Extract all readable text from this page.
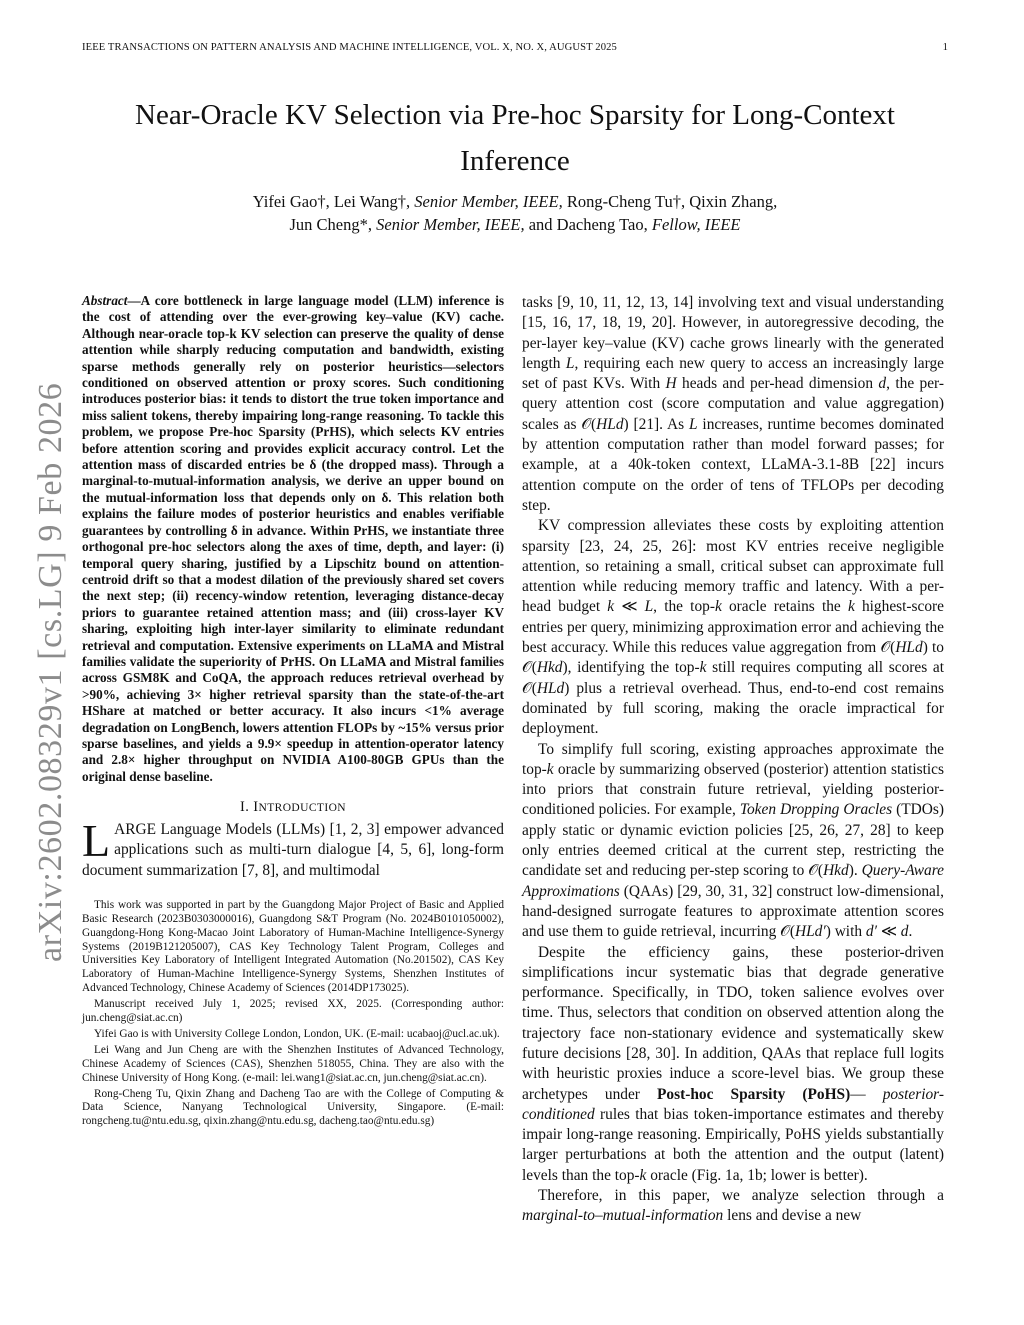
IEEE TRANSACTIONS ON PATTERN ANALYSIS AND MACHINE INTELLIGENCE, VOL. X, NO. X, AUGUST 2025	1
Near-Oracle KV Selection via Pre-hoc Sparsity for Long-Context Inference
Yifei Gao†, Lei Wang†, Senior Member, IEEE, Rong-Cheng Tu†, Qixin Zhang,
Jun Cheng*, Senior Member, IEEE, and Dacheng Tao, Fellow, IEEE
arXiv:2602.08329v1 [cs.LG] 9 Feb 2026
Abstract—A core bottleneck in large language model (LLM) inference is the cost of attending over the ever-growing key–value (KV) cache. Although near-oracle top-k KV selection can preserve the quality of dense attention while sharply reducing computation and bandwidth, existing sparse methods generally rely on posterior heuristics—selectors conditioned on observed attention or proxy scores. Such conditioning introduces posterior bias: it tends to distort the true token importance and miss salient tokens, thereby impairing long-range reasoning. To tackle this problem, we propose Pre-hoc Sparsity (PrHS), which selects KV entries before attention scoring and provides explicit accuracy control. Let the attention mass of discarded entries be δ (the dropped mass). Through a marginal-to-mutual-information analysis, we derive an upper bound on the mutual-information loss that depends only on δ. This relation both explains the failure modes of posterior heuristics and enables verifiable guarantees by controlling δ in advance. Within PrHS, we instantiate three orthogonal pre-hoc selectors along the axes of time, depth, and layer: (i) temporal query sharing, justified by a Lipschitz bound on attention-centroid drift so that a modest dilation of the previously shared set covers the next step; (ii) recency-window retention, leveraging distance-decay priors to guarantee retained attention mass; and (iii) cross-layer KV sharing, exploiting high inter-layer similarity to eliminate redundant retrieval and computation. Extensive experiments on LLaMA and Mistral families validate the superiority of PrHS. On LLaMA and Mistral families across GSM8K and CoQA, the approach reduces retrieval overhead by >90%, achieving 3× higher retrieval sparsity than the state-of-the-art HShare at matched or better accuracy. It also incurs <1% average degradation on LongBench, lowers attention FLOPs by ~15% versus prior sparse baselines, and yields a 9.9× speedup in attention-operator latency and 2.8× higher throughput on NVIDIA A100-80GB GPUs than the original dense baseline.
I. INTRODUCTION
LARGE Language Models (LLMs) [1, 2, 3] empower advanced applications such as multi-turn dialogue [4, 5, 6], long-form document summarization [7, 8], and multimodal

This work was supported in part by the Guangdong Major Project of Basic and Applied Basic Research (2023B0303000016), Guangdong S&T Program (No. 2024B0101050002), Guangdong-Hong Kong-Macao Joint Laboratory of Human-Machine Intelligence-Synergy Systems (2019B121205007), CAS Key Technology Talent Program, Colleges and Universities Key Laboratory of Intelligent Integrated Automation (No.201502), CAS Key Laboratory of Human-Machine Intelligence-Synergy Systems, Shenzhen Institutes of Advanced Technology, Chinese Academy of Sciences (2014DP173025).

Manuscript received July 1, 2025; revised XX, 2025. (Corresponding author: jun.cheng@siat.ac.cn)

Yifei Gao is with University College London, London, UK. (E-mail: ucabaoj@ucl.ac.uk).

Lei Wang and Jun Cheng are with the Shenzhen Institutes of Advanced Technology, Chinese Academy of Sciences (CAS), Shenzhen 518055, China. They are also with the Chinese University of Hong Kong. (e-mail: lei.wang1@siat.ac.cn, jun.cheng@siat.ac.cn).

Rong-Cheng Tu, Qixin Zhang and Dacheng Tao are with the College of Computing & Data Science, Nanyang Technological University, Singapore. (E-mail: rongcheng.tu@ntu.edu.sg, qixin.zhang@ntu.edu.sg, dacheng.tao@ntu.edu.sg)

tasks [9, 10, 11, 12, 13, 14] involving text and visual understanding [15, 16, 17, 18, 19, 20]. However, in autoregressive decoding, the per-layer key–value (KV) cache grows linearly with the generated length L, requiring each new query to access an increasingly large set of past KVs. With H heads and per-head dimension d, the per-query attention cost (score computation and value aggregation) scales as 𝒪(HLd) [21]. As L increases, runtime becomes dominated by attention computation rather than model forward passes; for example, at a 40k-token context, LLaMA-3.1-8B [22] incurs attention compute on the order of tens of TFLOPs per decoding step.

KV compression alleviates these costs by exploiting attention sparsity [23, 24, 25, 26]: most KV entries receive negligible attention, so retaining a small, critical subset can approximate full attention while reducing memory traffic and latency. With a per-head budget k ≪ L, the top-k oracle retains the k highest-score entries per query, minimizing approximation error and achieving the best accuracy. While this reduces value aggregation from 𝒪(HLd) to 𝒪(Hkd), identifying the top-k still requires computing all scores at 𝒪(HLd) plus a retrieval overhead. Thus, end-to-end cost remains dominated by full scoring, making the oracle impractical for deployment.

To simplify full scoring, existing approaches approximate the top-k oracle by summarizing observed (posterior) attention statistics into priors that constrain future retrieval, yielding posterior-conditioned policies. For example, Token Dropping Oracles (TDOs) apply static or dynamic eviction policies [25, 26, 27, 28] to keep only entries deemed critical at the current step, restricting the candidate set and reducing per-step scoring to 𝒪(Hkd). Query-Aware Approximations (QAAs) [29, 30, 31, 32] construct low-dimensional, hand-designed surrogate features to approximate attention scores and use them to guide retrieval, incurring 𝒪(HLd′) with d′ ≪ d.

Despite the efficiency gains, these posterior-driven simplifications incur systematic bias that degrade generative performance. Specifically, in TDO, token salience evolves over time. Thus, selectors that condition on observed attention along the trajectory face non-stationary evidence and systematically skew future decisions [28, 30]. In addition, QAAs that replace full logits with heuristic proxies induce a score-level bias. We group these archetypes under Post-hoc Sparsity (PoHS)— posterior-conditioned rules that bias token-importance estimates and thereby impair long-range reasoning. Empirically, PoHS yields substantially larger perturbations at both the attention and the output (latent) levels than the top-k oracle (Fig. 1a, 1b; lower is better).

Therefore, in this paper, we analyze selection through a marginal-to–mutual-information lens and devise a new
